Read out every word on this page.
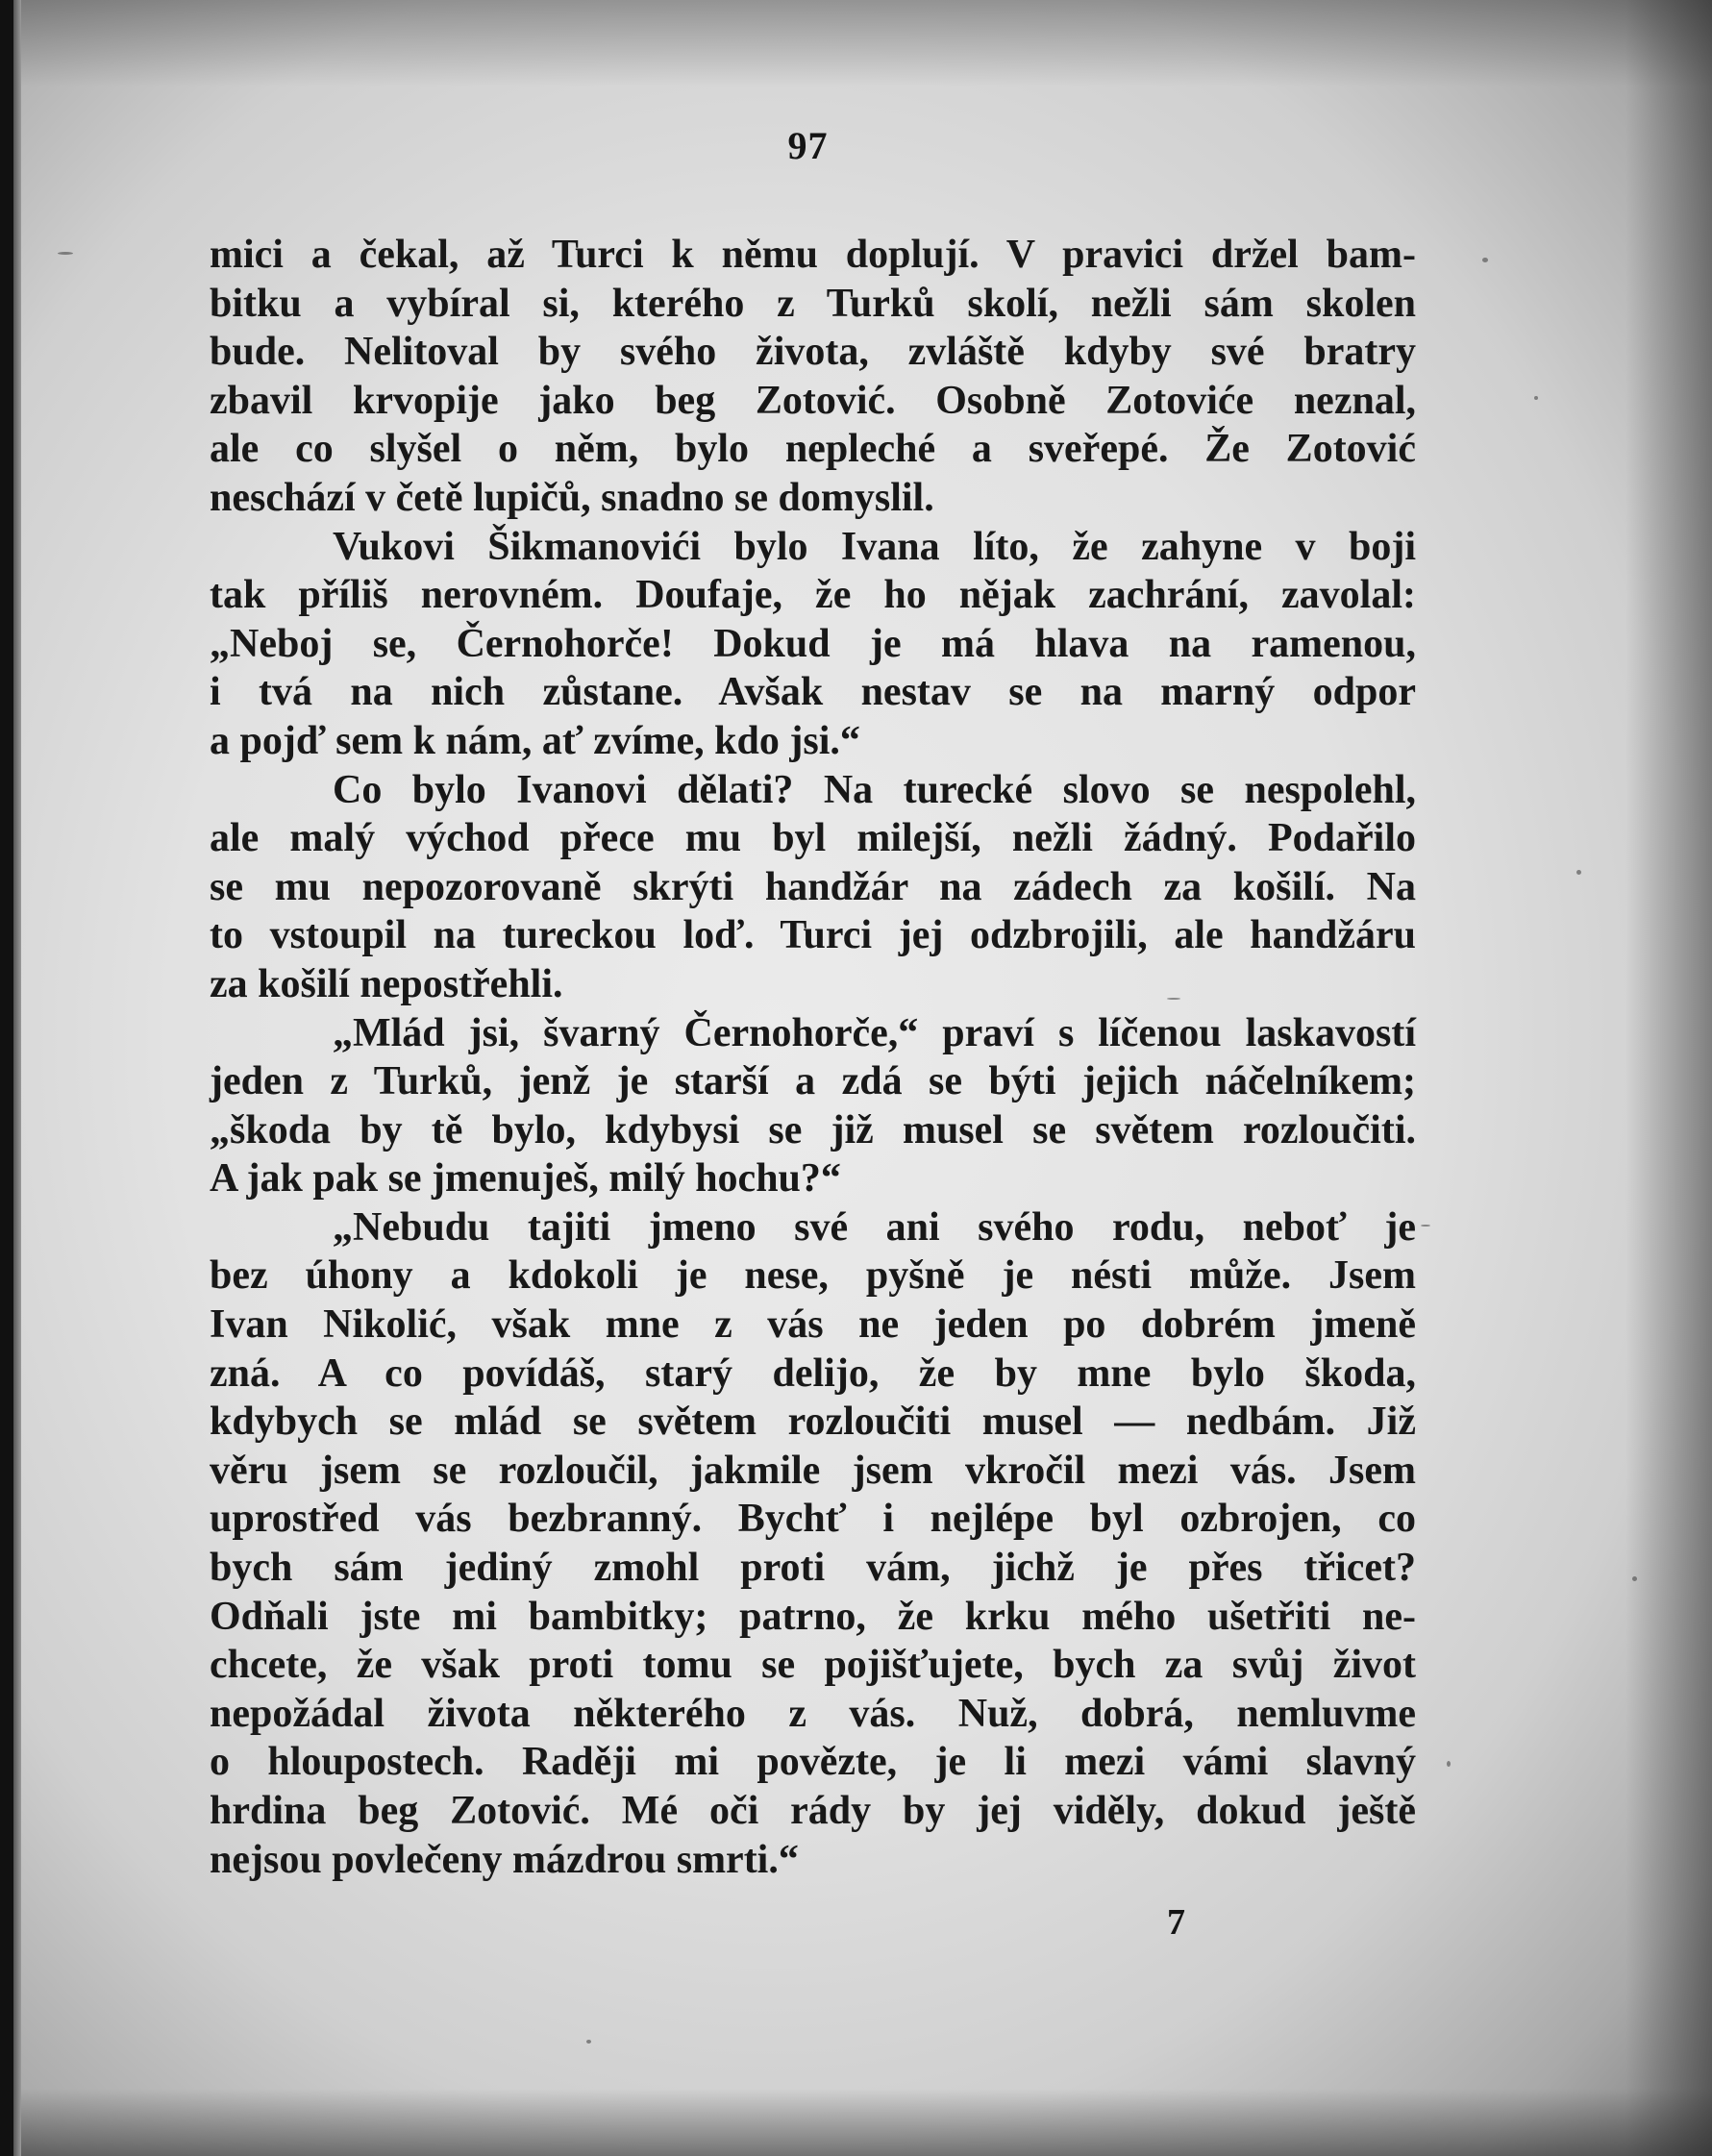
97
mici a čekal, až Turci k němu doplují. V pravici držel bam-
bitku a vybíral si, kterého z Turků skolí, nežli sám skolen
bude. Nelitoval by svého života, zvláště kdyby své bratry
zbavil krvopije jako beg Zotović. Osobně Zotoviće neznal,
ale co slyšel o něm, bylo nepleché a sveřepé. Že Zotović
neschází v četě lupičů, snadno se domyslil.
Vukovi Šikmanovići bylo Ivana líto, že zahyne v boji
tak příliš nerovném. Doufaje, že ho nějak zachrání, zavolal:
„Neboj se, Černohorče! Dokud je má hlava na ramenou,
i tvá na nich zůstane. Avšak nestav se na marný odpor
a pojď sem k nám, ať zvíme, kdo jsi.“
Co bylo Ivanovi dělati? Na turecké slovo se nespolehl,
ale malý východ přece mu byl milejší, nežli žádný. Podařilo
se mu nepozorovaně skrýti handžár na zádech za košilí. Na
to vstoupil na tureckou loď. Turci jej odzbrojili, ale handžáru
za košilí nepostřehli.
„Mlád jsi, švarný Černohorče,“ praví s líčenou laskavostí
jeden z Turků, jenž je starší a zdá se býti jejich náčelníkem;
„škoda by tě bylo, kdybysi se již musel se světem rozloučiti.
A jak pak se jmenuješ, milý hochu?“
„Nebudu tajiti jmeno své ani svého rodu, neboť je
bez úhony a kdokoli je nese, pyšně je nésti může. Jsem
Ivan Nikolić, však mne z vás ne jeden po dobrém jmeně
zná. A co povídáš, starý delijo, že by mne bylo škoda,
kdybych se mlád se světem rozloučiti musel — nedbám. Již
věru jsem se rozloučil, jakmile jsem vkročil mezi vás. Jsem
uprostřed vás bezbranný. Bychť i nejlépe byl ozbrojen, co
bych sám jediný zmohl proti vám, jichž je přes třicet?
Odňali jste mi bambitky; patrno, že krku mého ušetřiti ne-
chcete, že však proti tomu se pojišťujete, bych za svůj život
nepožádal života některého z vás. Nuž, dobrá, nemluvme
o hloupostech. Raději mi povězte, je li mezi vámi slavný
hrdina beg Zotović. Mé oči rády by jej viděly, dokud ještě
nejsou povlečeny mázdrou smrti.“
7
